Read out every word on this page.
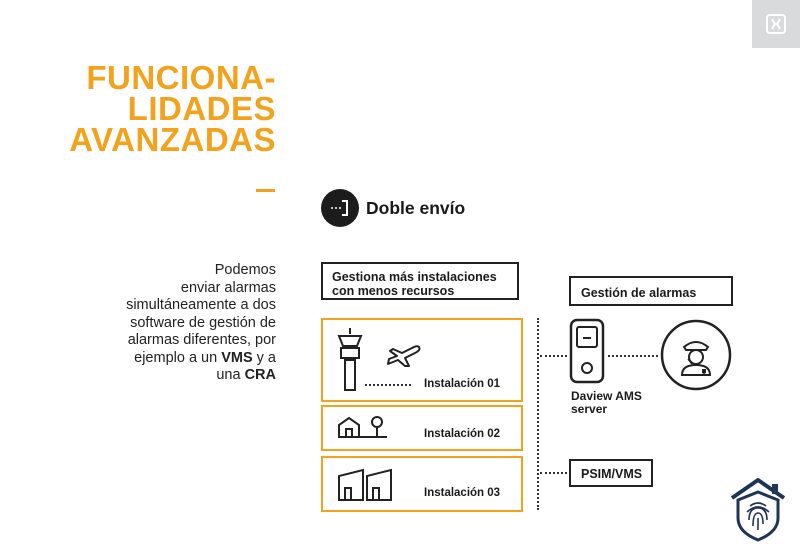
FUNCIONA-
LIDADES
AVANZADAS
Podemos
enviar alarmas
simultáneamente a dos
software de gestión de
alarmas diferentes, por
ejemplo a un VMS y a
una CRA
Doble envío
Gestiona más instalaciones
con menos recursos
Instalación 01
Instalación 02
Instalación 03
Gestión de alarmas
Daview AMS
server
PSIM/VMS
